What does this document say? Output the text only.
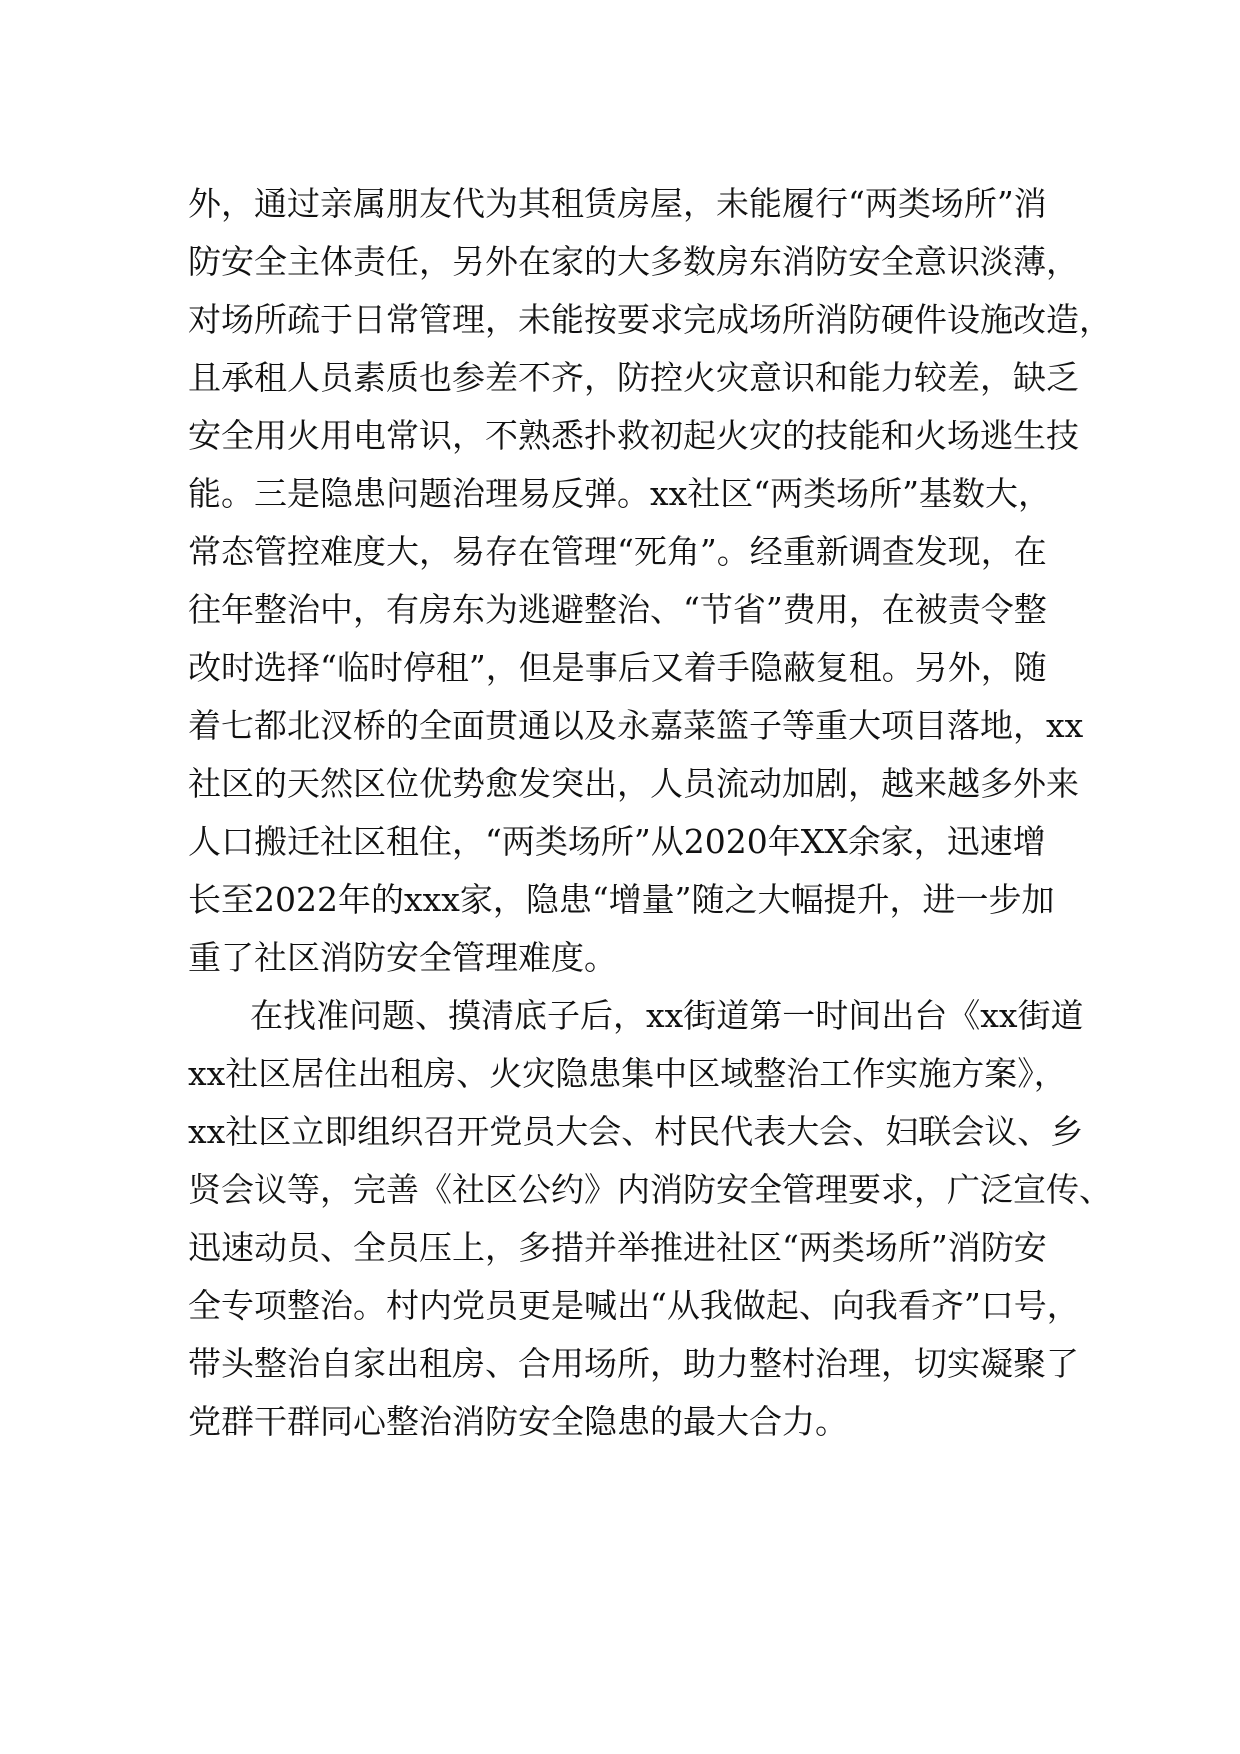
外，通过亲属朋友代为其租赁房屋，未能履行“两类场所”消
防安全主体责任，另外在家的大多数房东消防安全意识淡薄，
对场所疏于日常管理，未能按要求完成场所消防硬件设施改造，
且承租人员素质也参差不齐，防控火灾意识和能力较差，缺乏
安全用火用电常识，不熟悉扑救初起火灾的技能和火场逃生技
能。三是隐患问题治理易反弹。xx社区“两类场所”基数大，
常态管控难度大，易存在管理“死角”。经重新调查发现，在
往年整治中，有房东为逃避整治、“节省”费用，在被责令整
改时选择“临时停租”，但是事后又着手隐蔽复租。另外，随
着七都北汊桥的全面贯通以及永嘉菜篮子等重大项目落地，xx
社区的天然区位优势愈发突出，人员流动加剧，越来越多外来
人口搬迁社区租住，“两类场所”从2020年XX余家，迅速增
长至2022年的xxx家，隐患“增量”随之大幅提升，进一步加
重了社区消防安全管理难度。
在找准问题、摸清底子后，xx街道第一时间出台《xx街道
xx社区居住出租房、火灾隐患集中区域整治工作实施方案》，
xx社区立即组织召开党员大会、村民代表大会、妇联会议、乡
贤会议等，完善《社区公约》内消防安全管理要求，广泛宣传、
迅速动员、全员压上，多措并举推进社区“两类场所”消防安
全专项整治。村内党员更是喊出“从我做起、向我看齐”口号，
带头整治自家出租房、合用场所，助力整村治理，切实凝聚了
党群干群同心整治消防安全隐患的最大合力。
